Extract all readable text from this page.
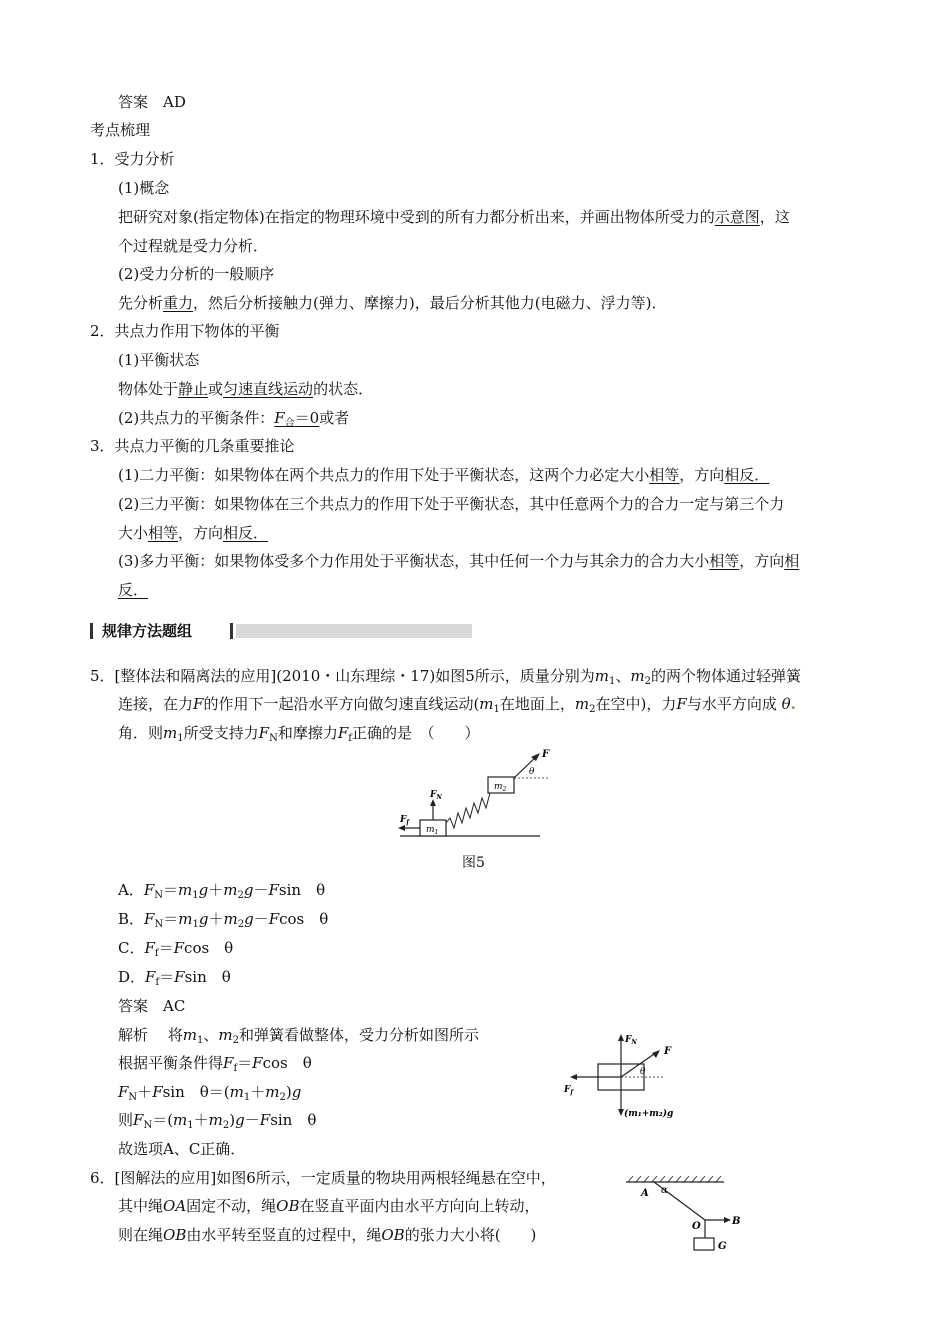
答案　AD
考点梳理
1．受力分析
(1)概念
把研究对象(指定物体)在指定的物理环境中受到的所有力都分析出来，并画出物体所受力的示意图，这
个过程就是受力分析．
(2)受力分析的一般顺序
先分析重力，然后分析接触力(弹力、摩擦力)，最后分析其他力(电磁力、浮力等)．
2．共点力作用下物体的平衡
(1)平衡状态
物体处于静止或匀速直线运动的状态．
(2)共点力的平衡条件：$F_合=0$或者
3．共点力平衡的几条重要推论
(1)二力平衡：如果物体在两个共点力的作用下处于平衡状态，这两个力必定大小相等，方向相反．
(2)三力平衡：如果物体在三个共点力的作用下处于平衡状态，其中任意两个力的合力一定与第三个力
大小相等，方向相反．
(3)多力平衡：如果物体受多个力作用处于平衡状态，其中任何一个力与其余力的合力大小相等，方向相
反．
规律方法题组
5．[整体法和隔离法的应用](2010・山东理综・17)如图5所示，质量分别为$m_1$、$m_2$的两个物体通过轻弹簧
连接，在力F的作用下一起沿水平方向做匀速直线运动($m_1$在地面上，$m_2$在空中)，力F与水平方向成 θ.
角．则$m_1$所受支持力$F_N$和摩擦力$F_f$正确的是　（　　）
$m_1$
$m_2$
F
θ
$F_N$
$F_f$
图5
A．$F_N=m_1g+m_2g-Fsin$　θ
B．$F_N=m_1g+m_2g-Fcos$　θ
C．$F_f=Fcos$　θ
D．$F_f=Fsin$　θ
答案　AC
解析　 将$m_1$、$m_2$和弹簧看做整体，受力分析如图所示
根据平衡条件得$F_f=Fcos$　θ
$F_N+Fsin$　$\theta=(m_1+m_2)g$
则$F_N=(m_1+m_2)g-Fsin$　θ
故选项A、C正确．
$F_N$
(m₁+m₂)g
$F_f$
F
θ
6．[图解法的应用]如图6所示，一定质量的物块用两根轻绳悬在空中，
其中绳OA固定不动，绳OB在竖直平面内由水平方向向上转动，
则在绳OB由水平转至竖直的过程中，绳OB的张力大小将(　　)
A α
B
O
G
